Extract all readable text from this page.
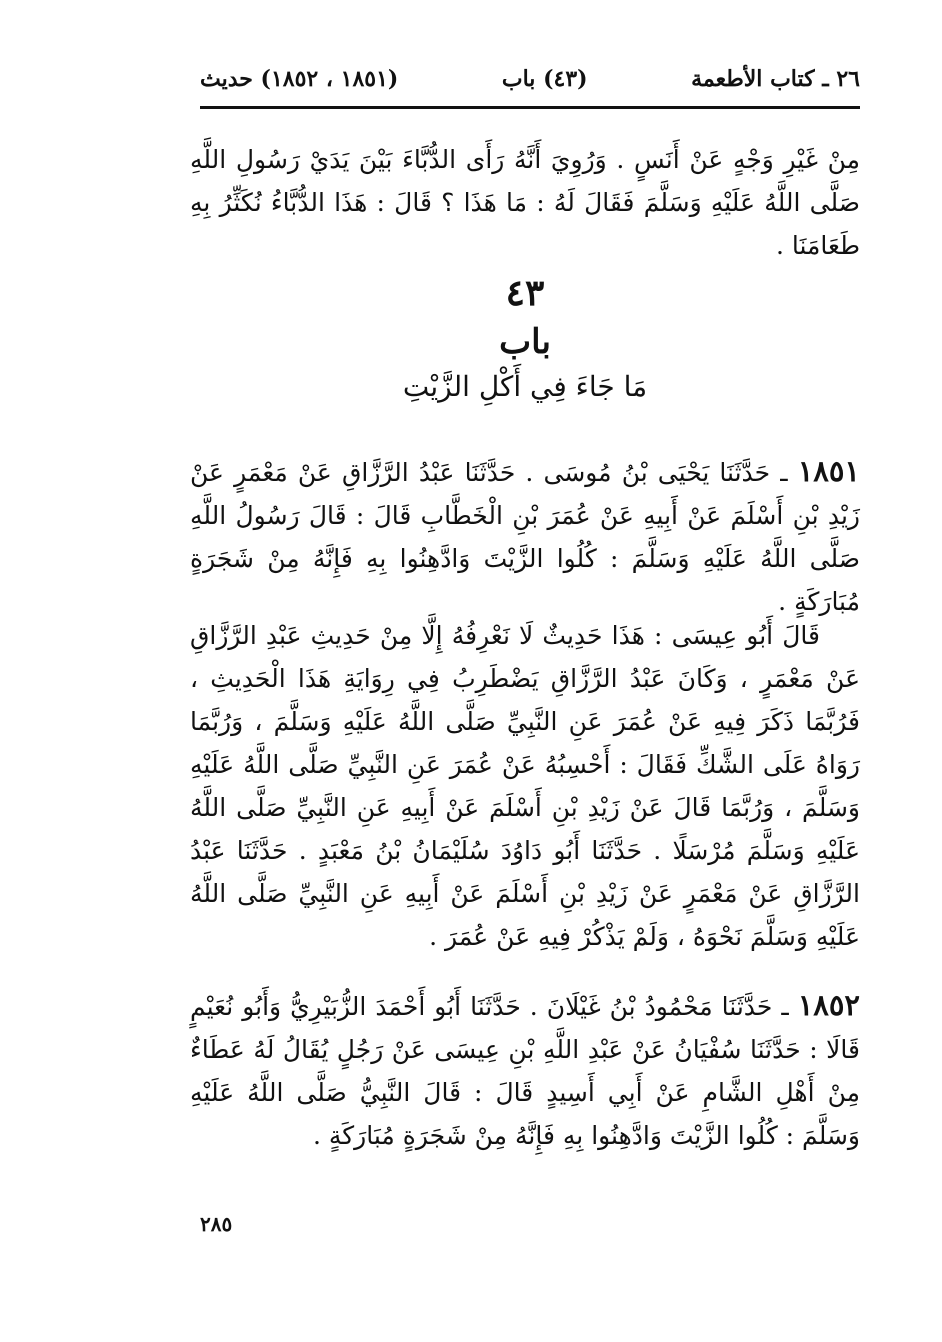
٢٦ ـ كتاب الأطعمة
(٤٣) باب
(١٨٥١ ، ١٨٥٢) حديث

مِنْ غَيْرِ وَجْهٍ عَنْ أَنَسٍ . وَرُوِيَ أَنَّهُ رَأَى الدُّبَّاءَ بَيْنَ يَدَيْ رَسُولِ اللَّهِ صَلَّى اللَّهُ عَلَيْهِ وَسَلَّمَ فَقَالَ لَهُ : مَا هَذَا ؟ قَالَ : هَذَا الدُّبَّاءُ نُكَثِّرُ بِهِ طَعَامَنَا .

٤٣
باب
مَا جَاءَ فِي أَكْلِ الزَّيْتِ

١٨٥١ ـ حَدَّثَنَا يَحْيَى بْنُ مُوسَى . حَدَّثَنَا عَبْدُ الرَّزَّاقِ عَنْ مَعْمَرٍ عَنْ زَيْدِ بْنِ أَسْلَمَ عَنْ أَبِيهِ عَنْ عُمَرَ بْنِ الْخَطَّابِ قَالَ : قَالَ رَسُولُ اللَّهِ صَلَّى اللَّهُ عَلَيْهِ وَسَلَّمَ : كُلُوا الزَّيْتَ وَادَّهِنُوا بِهِ فَإِنَّهُ مِنْ شَجَرَةٍ مُبَارَكَةٍ .

قَالَ أَبُو عِيسَى : هَذَا حَدِيثٌ لَا نَعْرِفُهُ إِلَّا مِنْ حَدِيثِ عَبْدِ الرَّزَّاقِ عَنْ مَعْمَرٍ ، وَكَانَ عَبْدُ الرَّزَّاقِ يَضْطَرِبُ فِي رِوَايَةِ هَذَا الْحَدِيثِ ، فَرُبَّمَا ذَكَرَ فِيهِ عَنْ عُمَرَ عَنِ النَّبِيِّ صَلَّى اللَّهُ عَلَيْهِ وَسَلَّمَ ، وَرُبَّمَا رَوَاهُ عَلَى الشَّكِّ فَقَالَ : أَحْسِبُهُ عَنْ عُمَرَ عَنِ النَّبِيِّ صَلَّى اللَّهُ عَلَيْهِ وَسَلَّمَ ، وَرُبَّمَا قَالَ عَنْ زَيْدِ بْنِ أَسْلَمَ عَنْ أَبِيهِ عَنِ النَّبِيِّ صَلَّى اللَّهُ عَلَيْهِ وَسَلَّمَ مُرْسَلًا . حَدَّثَنَا أَبُو دَاوُدَ سُلَيْمَانُ بْنُ مَعْبَدٍ . حَدَّثَنَا عَبْدُ الرَّزَّاقِ عَنْ مَعْمَرٍ عَنْ زَيْدِ بْنِ أَسْلَمَ عَنْ أَبِيهِ عَنِ النَّبِيِّ صَلَّى اللَّهُ عَلَيْهِ وَسَلَّمَ نَحْوَهُ ، وَلَمْ يَذْكُرْ فِيهِ عَنْ عُمَرَ .

١٨٥٢ ـ حَدَّثَنَا مَحْمُودُ بْنُ غَيْلَانَ . حَدَّثَنَا أَبُو أَحْمَدَ الزُّبَيْرِيُّ وَأَبُو نُعَيْمٍ قَالَا : حَدَّثَنَا سُفْيَانُ عَنْ عَبْدِ اللَّهِ بْنِ عِيسَى عَنْ رَجُلٍ يُقَالُ لَهُ عَطَاءٌ مِنْ أَهْلِ الشَّامِ عَنْ أَبِي أَسِيدٍ قَالَ : قَالَ النَّبِيُّ صَلَّى اللَّهُ عَلَيْهِ وَسَلَّمَ : كُلُوا الزَّيْتَ وَادَّهِنُوا بِهِ فَإِنَّهُ مِنْ شَجَرَةٍ مُبَارَكَةٍ .

٢٨٥
